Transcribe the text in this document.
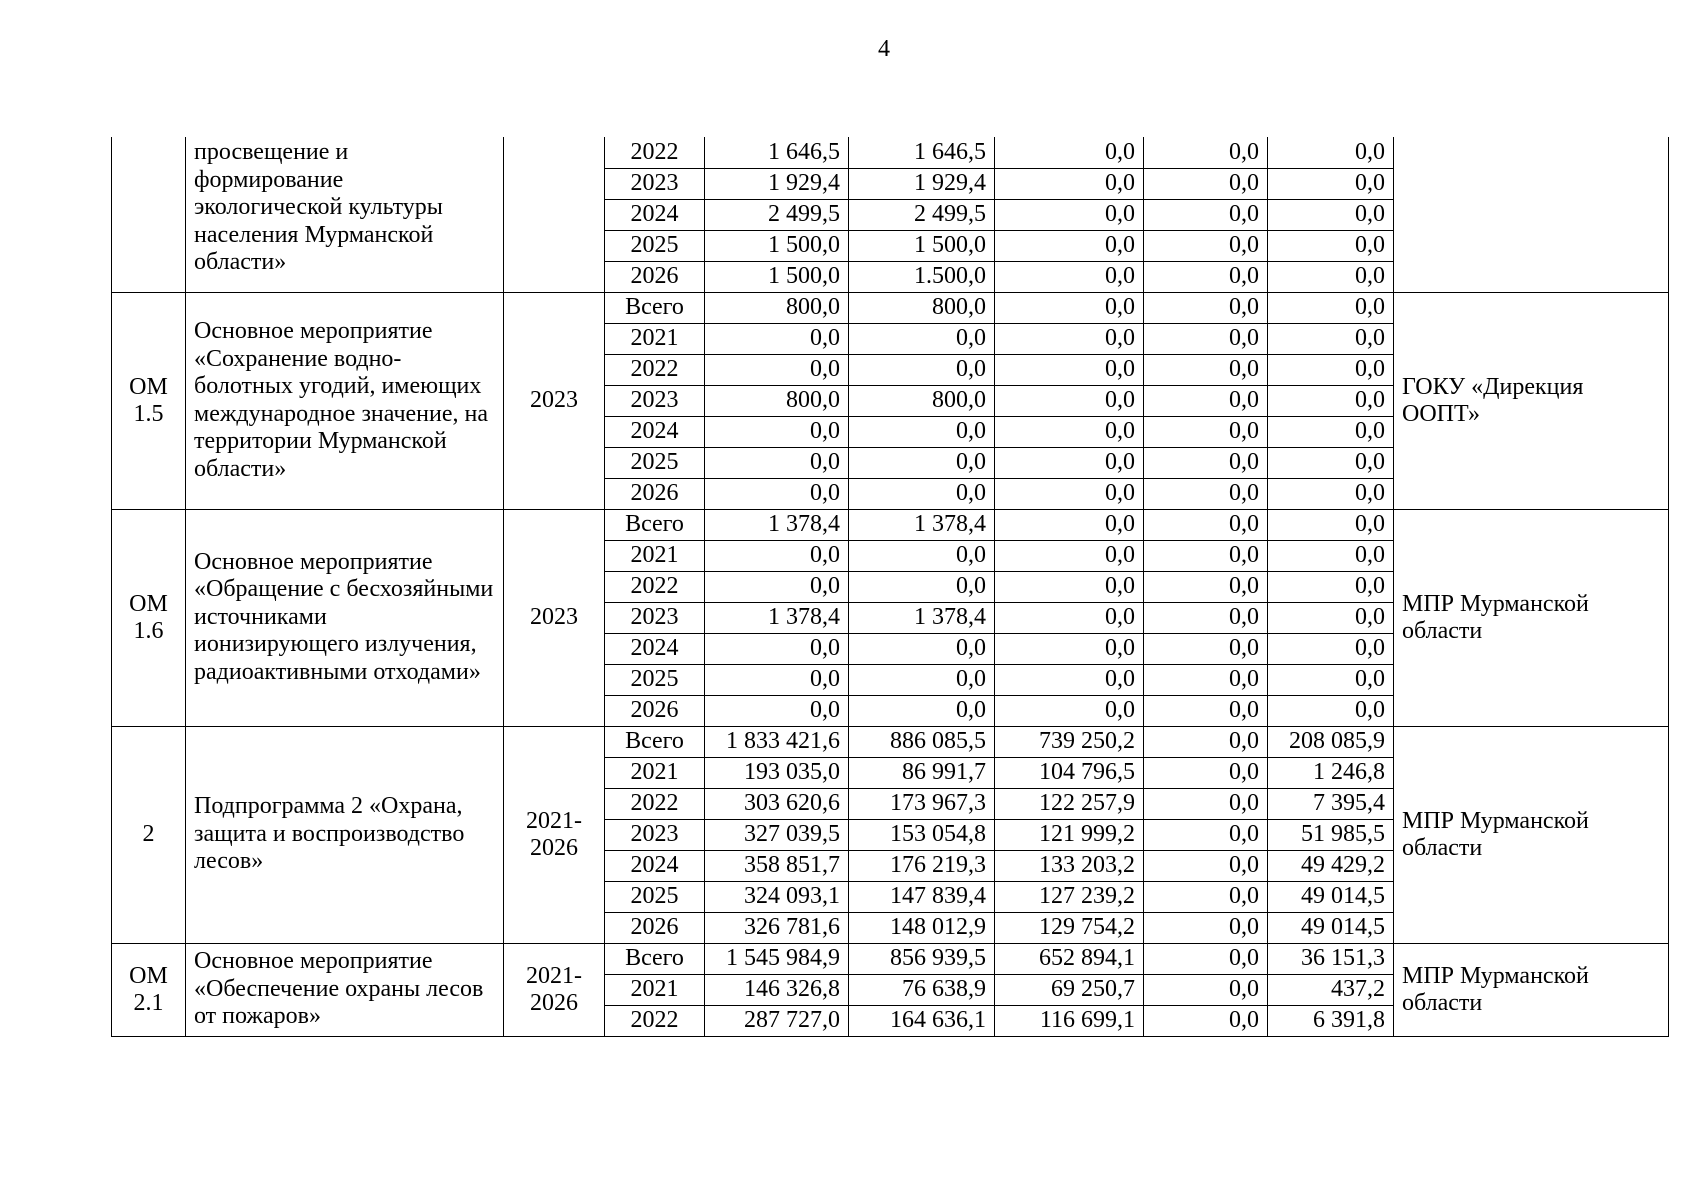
4
	просвещение и формирование экологической культуры населения Мурманской области»		2022	1 646,5	1 646,5	0,0	0,0	0,0	
			2023	1 929,4	1 929,4	0,0	0,0	0,0	
			2024	2 499,5	2 499,5	0,0	0,0	0,0	
			2025	1 500,0	1 500,0	0,0	0,0	0,0	
			2026	1 500,0	1.500,0	0,0	0,0	0,0	
ОМ 1.5	Основное мероприятие «Сохранение водно-болотных угодий, имеющих международное значение, на территории Мурманской области»	2023	Всего	800,0	800,0	0,0	0,0	0,0	ГОКУ «Дирекция ООПТ»
			2021	0,0	0,0	0,0	0,0	0,0	
			2022	0,0	0,0	0,0	0,0	0,0	
			2023	800,0	800,0	0,0	0,0	0,0	
			2024	0,0	0,0	0,0	0,0	0,0	
			2025	0,0	0,0	0,0	0,0	0,0	
			2026	0,0	0,0	0,0	0,0	0,0	
ОМ 1.6	Основное мероприятие «Обращение с бесхозяйными источниками ионизирующего излучения, радиоактивными отходами»	2023	Всего	1 378,4	1 378,4	0,0	0,0	0,0	МПР Мурманской области
			2021	0,0	0,0	0,0	0,0	0,0	
			2022	0,0	0,0	0,0	0,0	0,0	
			2023	1 378,4	1 378,4	0,0	0,0	0,0	
			2024	0,0	0,0	0,0	0,0	0,0	
			2025	0,0	0,0	0,0	0,0	0,0	
			2026	0,0	0,0	0,0	0,0	0,0	
2	Подпрограмма 2 «Охрана, защита и воспроизводство лесов»	2021-2026	Всего	1 833 421,6	886 085,5	739 250,2	0,0	208 085,9	МПР Мурманской области
			2021	193 035,0	86 991,7	104 796,5	0,0	1 246,8	
			2022	303 620,6	173 967,3	122 257,9	0,0	7 395,4	
			2023	327 039,5	153 054,8	121 999,2	0,0	51 985,5	
			2024	358 851,7	176 219,3	133 203,2	0,0	49 429,2	
			2025	324 093,1	147 839,4	127 239,2	0,0	49 014,5	
			2026	326 781,6	148 012,9	129 754,2	0,0	49 014,5	
ОМ 2.1	Основное мероприятие «Обеспечение охраны лесов от пожаров»	2021-2026	Всего	1 545 984,9	856 939,5	652 894,1	0,0	36 151,3	МПР Мурманской области
			2021	146 326,8	76 638,9	69 250,7	0,0	437,2	
			2022	287 727,0	164 636,1	116 699,1	0,0	6 391,8	
